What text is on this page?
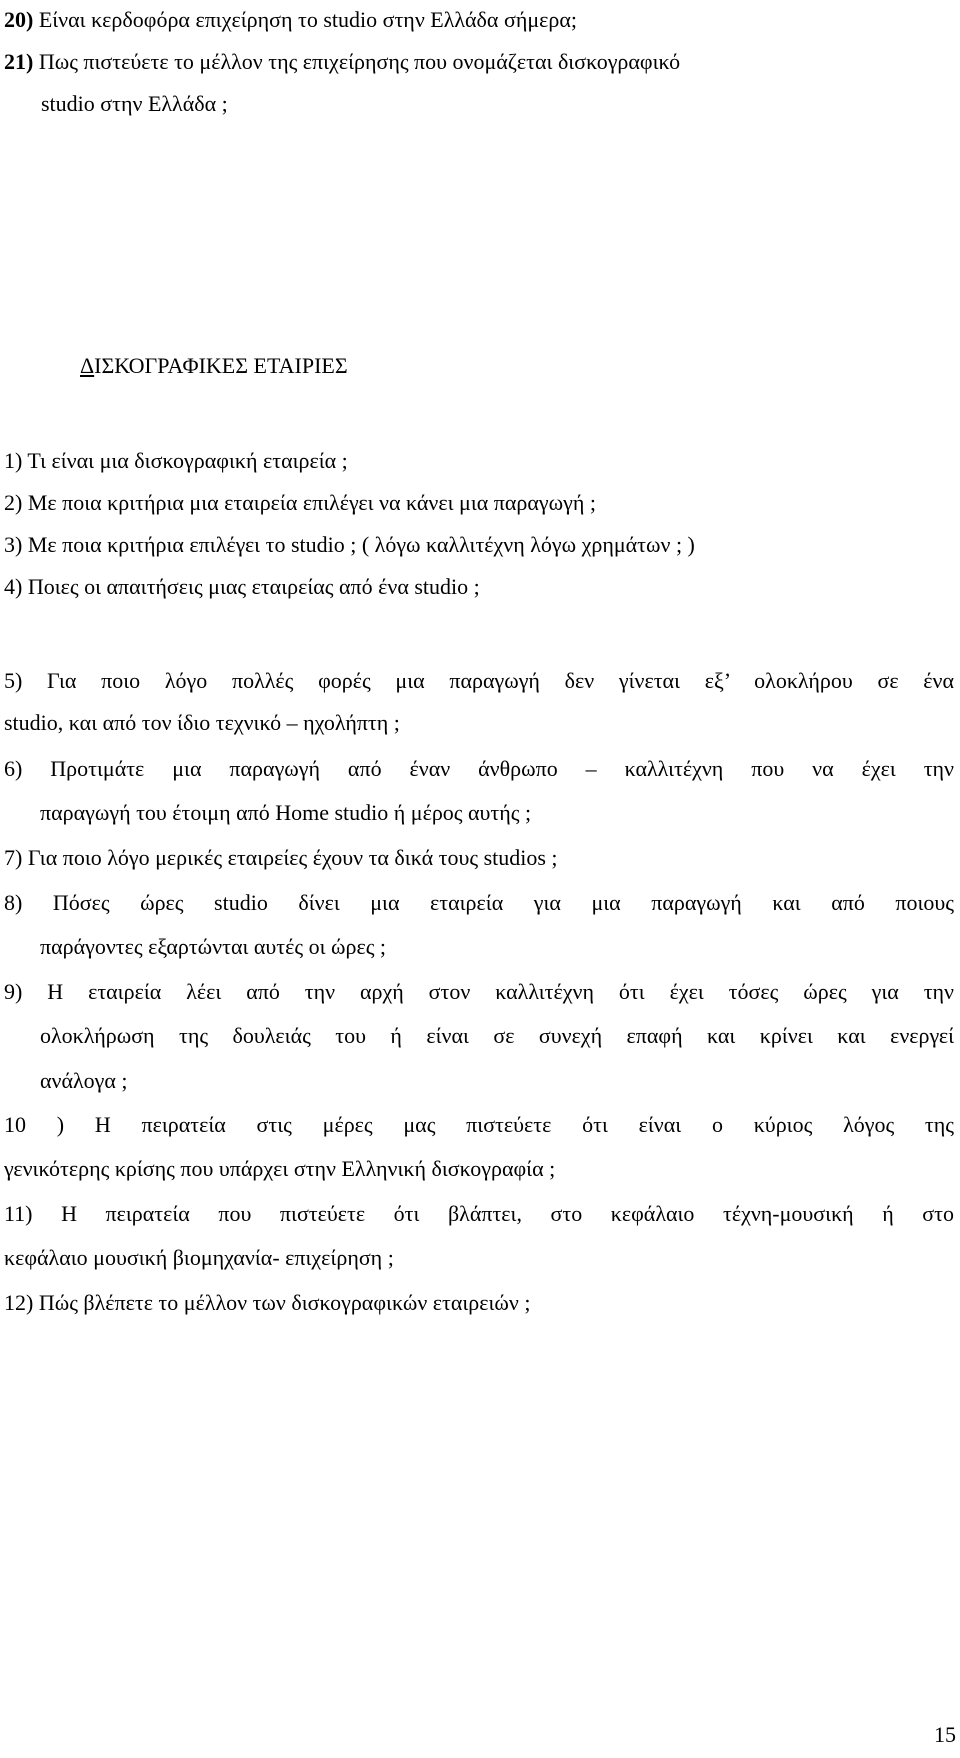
20) Είναι κερδοφόρα επιχείρηση το studio στην Ελλάδα σήμερα;
21) Πως πιστεύετε το μέλλον της επιχείρησης που ονομάζεται δισκογραφικό
studio στην Ελλάδα ;
ΔΙΣΚΟΓΡΑΦΙΚΕΣ ΕΤΑΙΡΙΕΣ
1) Τι είναι μια δισκογραφική εταιρεία ;
2) Με ποια κριτήρια μια εταιρεία επιλέγει να κάνει μια παραγωγή ;
3) Με ποια κριτήρια επιλέγει το studio ; ( λόγω καλλιτέχνη λόγω χρημάτων ; )
4) Ποιες οι απαιτήσεις μιας εταιρείας από ένα studio ;
5) Για ποιο λόγο πολλές φορές μια παραγωγή δεν γίνεται εξ’ ολοκλήρου σε ένα
studio, και από τον ίδιο τεχνικό – ηχολήπτη ;
6) Προτιμάτε μια παραγωγή από έναν άνθρωπο – καλλιτέχνη που να έχει την
παραγωγή του έτοιμη από Home studio ή μέρος αυτής ;
7) Για ποιο λόγο μερικές εταιρείες έχουν τα δικά τους studios ;
8) Πόσες ώρες studio δίνει μια εταιρεία για μια παραγωγή και από ποιους
παράγοντες εξαρτώνται αυτές οι ώρες ;
9) Η εταιρεία λέει από την αρχή στον καλλιτέχνη ότι έχει τόσες ώρες για την
ολοκλήρωση της δουλειάς του ή είναι σε συνεχή επαφή και κρίνει και ενεργεί
ανάλογα ;
10 ) Η πειρατεία στις μέρες μας πιστεύετε ότι είναι ο κύριος λόγος της
γενικότερης κρίσης που υπάρχει στην Ελληνική δισκογραφία ;
11) Η πειρατεία που πιστεύετε ότι βλάπτει, στο κεφάλαιο τέχνη-μουσική ή στο
κεφάλαιο μουσική βιομηχανία- επιχείρηση ;
12) Πώς βλέπετε το μέλλον των δισκογραφικών εταιρειών ;
15
